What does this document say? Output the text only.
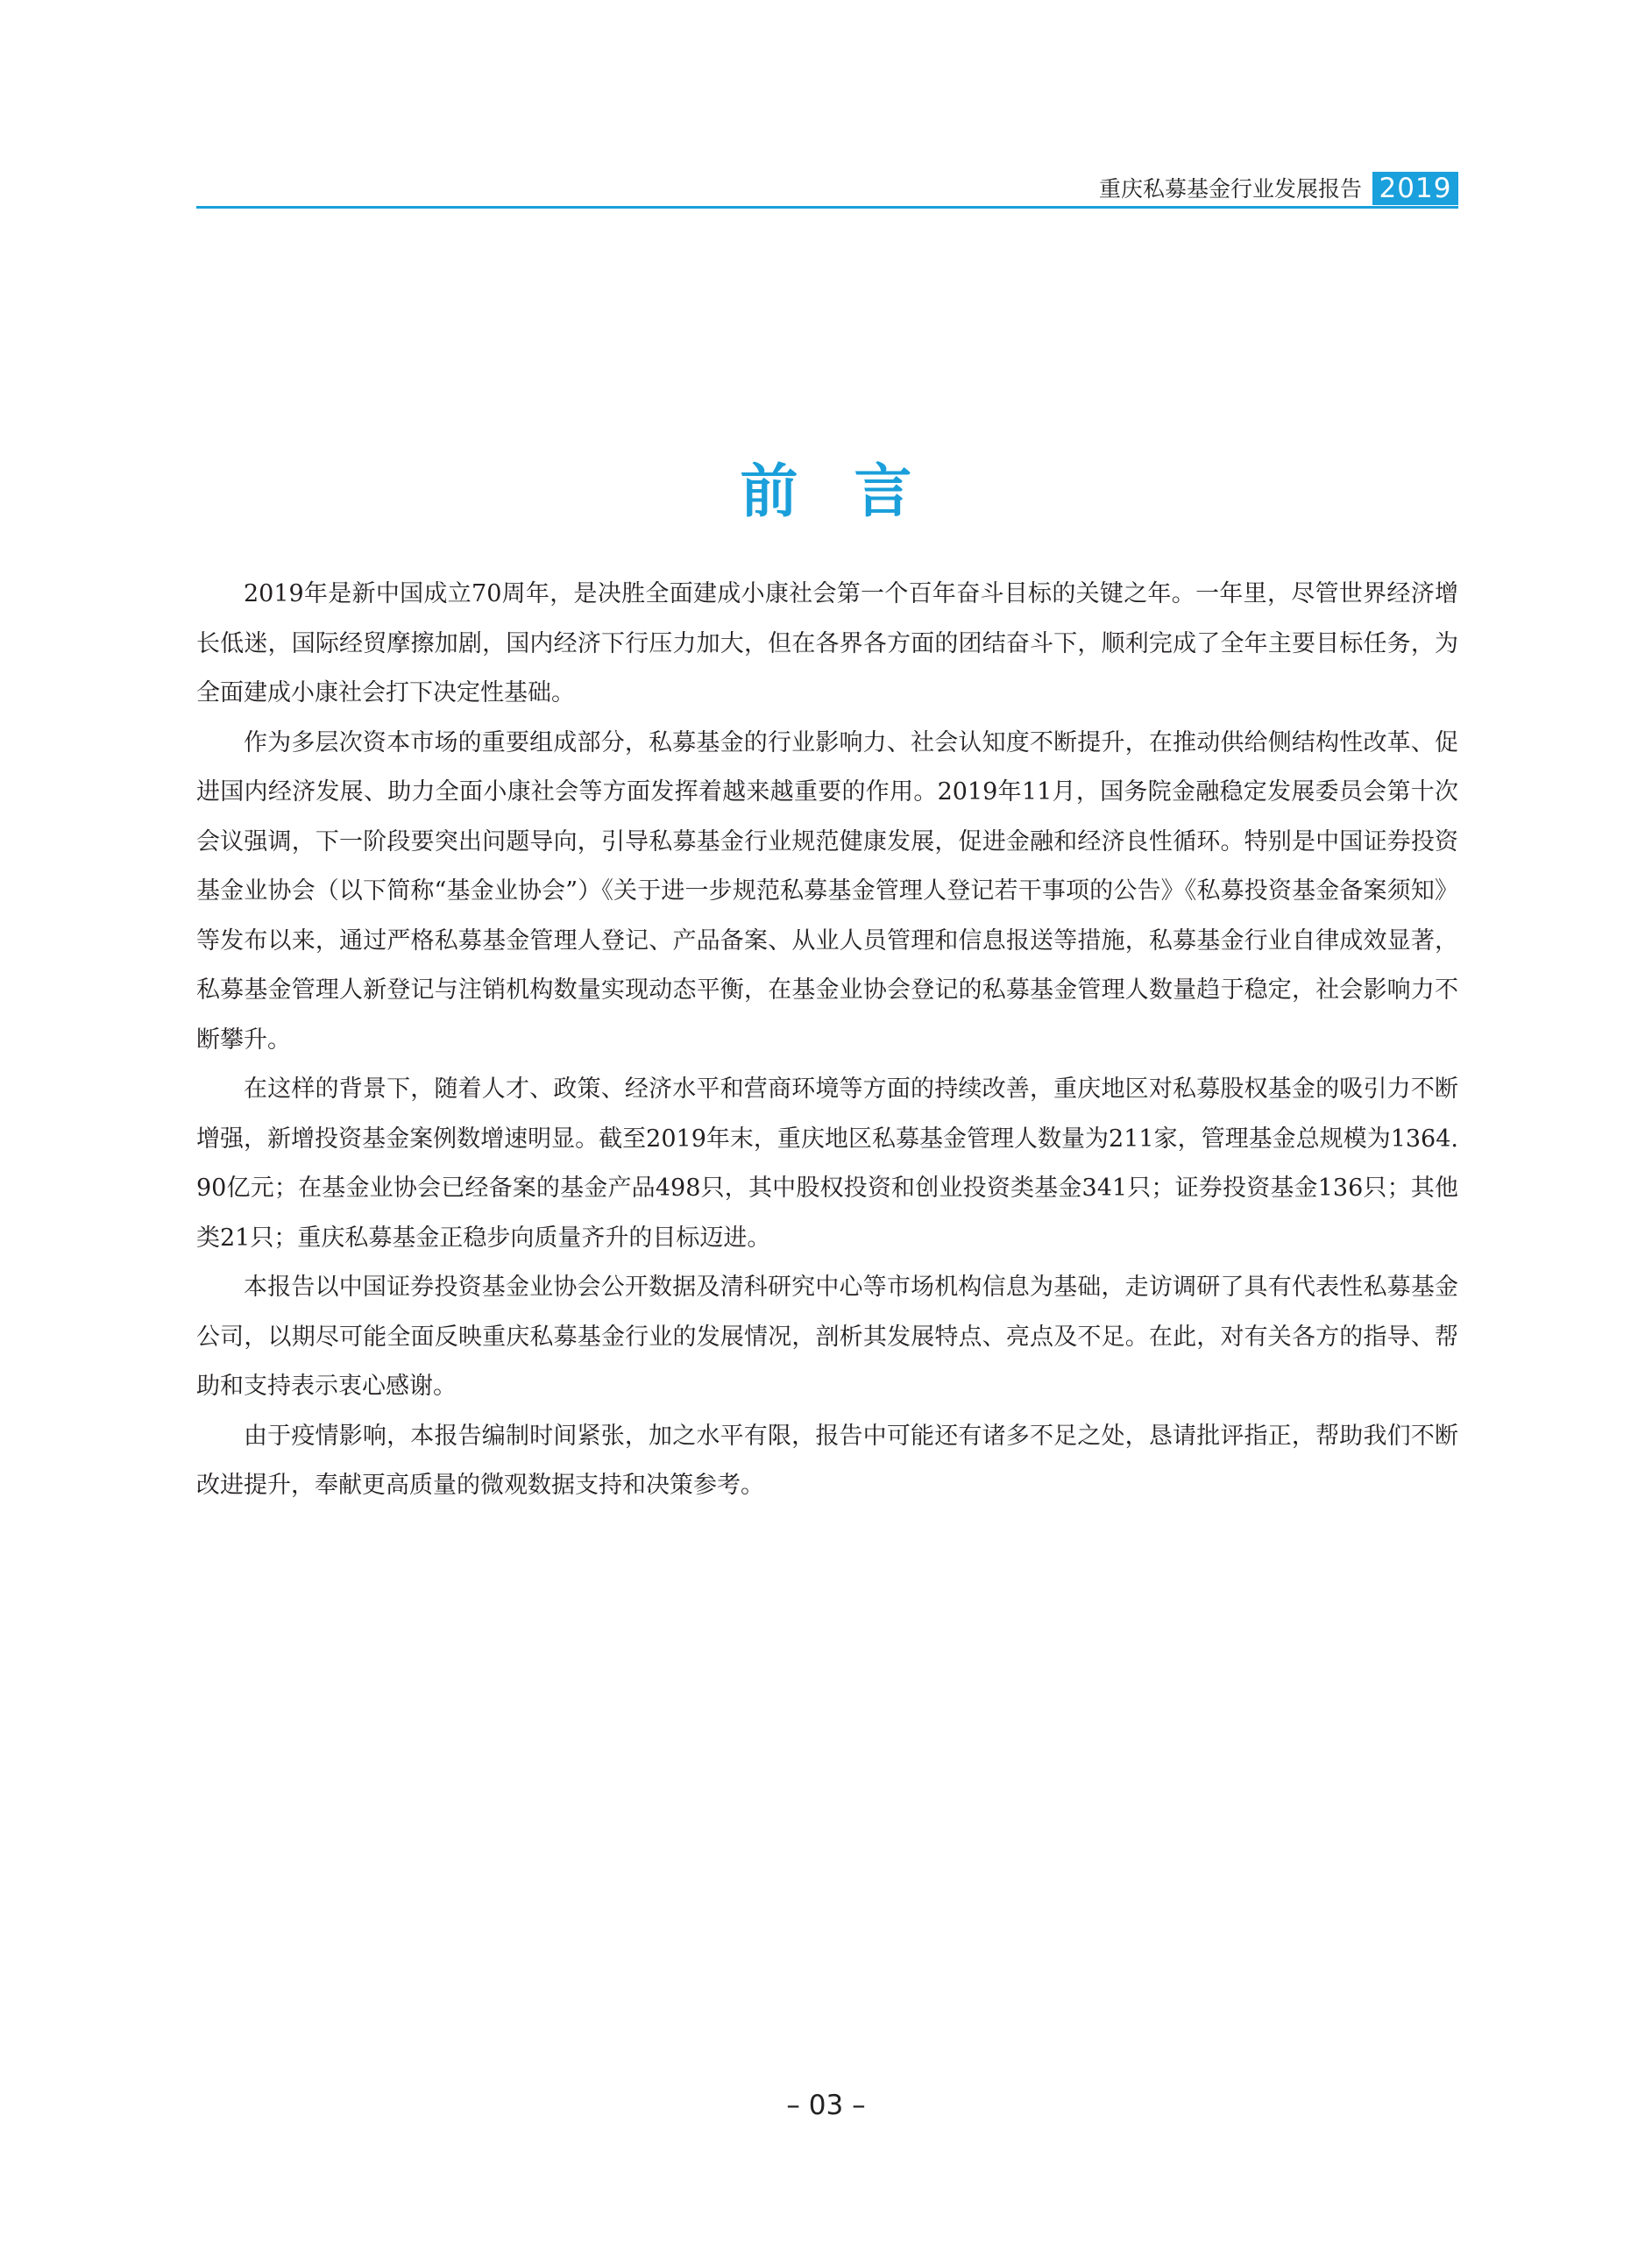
重庆私募基金行业发展报告 2019
前言

2019年是新中国成立70周年，是决胜全面建成小康社会第一个百年奋斗目标的关键之年。一年里，尽管世界经济增长低迷，国际经贸摩擦加剧，国内经济下行压力加大，但在各界各方面的团结奋斗下，顺利完成了全年主要目标任务，为全面建成小康社会打下决定性基础。

作为多层次资本市场的重要组成部分，私募基金的行业影响力、社会认知度不断提升，在推动供给侧结构性改革、促进国内经济发展、助力全面小康社会等方面发挥着越来越重要的作用。2019年11月，国务院金融稳定发展委员会第十次会议强调，下一阶段要突出问题导向，引导私募基金行业规范健康发展，促进金融和经济良性循环。特别是中国证券投资基金业协会（以下简称“基金业协会”）《关于进一步规范私募基金管理人登记若干事项的公告》《私募投资基金备案须知》等发布以来，通过严格私募基金管理人登记、产品备案、从业人员管理和信息报送等措施，私募基金行业自律成效显著，私募基金管理人新登记与注销机构数量实现动态平衡，在基金业协会登记的私募基金管理人数量趋于稳定，社会影响力不断攀升。

在这样的背景下，随着人才、政策、经济水平和营商环境等方面的持续改善，重庆地区对私募股权基金的吸引力不断增强，新增投资基金案例数增速明显。截至2019年末，重庆地区私募基金管理人数量为211家，管理基金总规模为1364.90亿元；在基金业协会已经备案的基金产品498只，其中股权投资和创业投资类基金341只；证券投资基金136只；其他类21只；重庆私募基金正稳步向质量齐升的目标迈进。

本报告以中国证券投资基金业协会公开数据及清科研究中心等市场机构信息为基础，走访调研了具有代表性私募基金公司，以期尽可能全面反映重庆私募基金行业的发展情况，剖析其发展特点、亮点及不足。在此，对有关各方的指导、帮助和支持表示衷心感谢。

由于疫情影响，本报告编制时间紧张，加之水平有限，报告中可能还有诸多不足之处，恳请批评指正，帮助我们不断改进提升，奉献更高质量的微观数据支持和决策参考。

– 03 –
